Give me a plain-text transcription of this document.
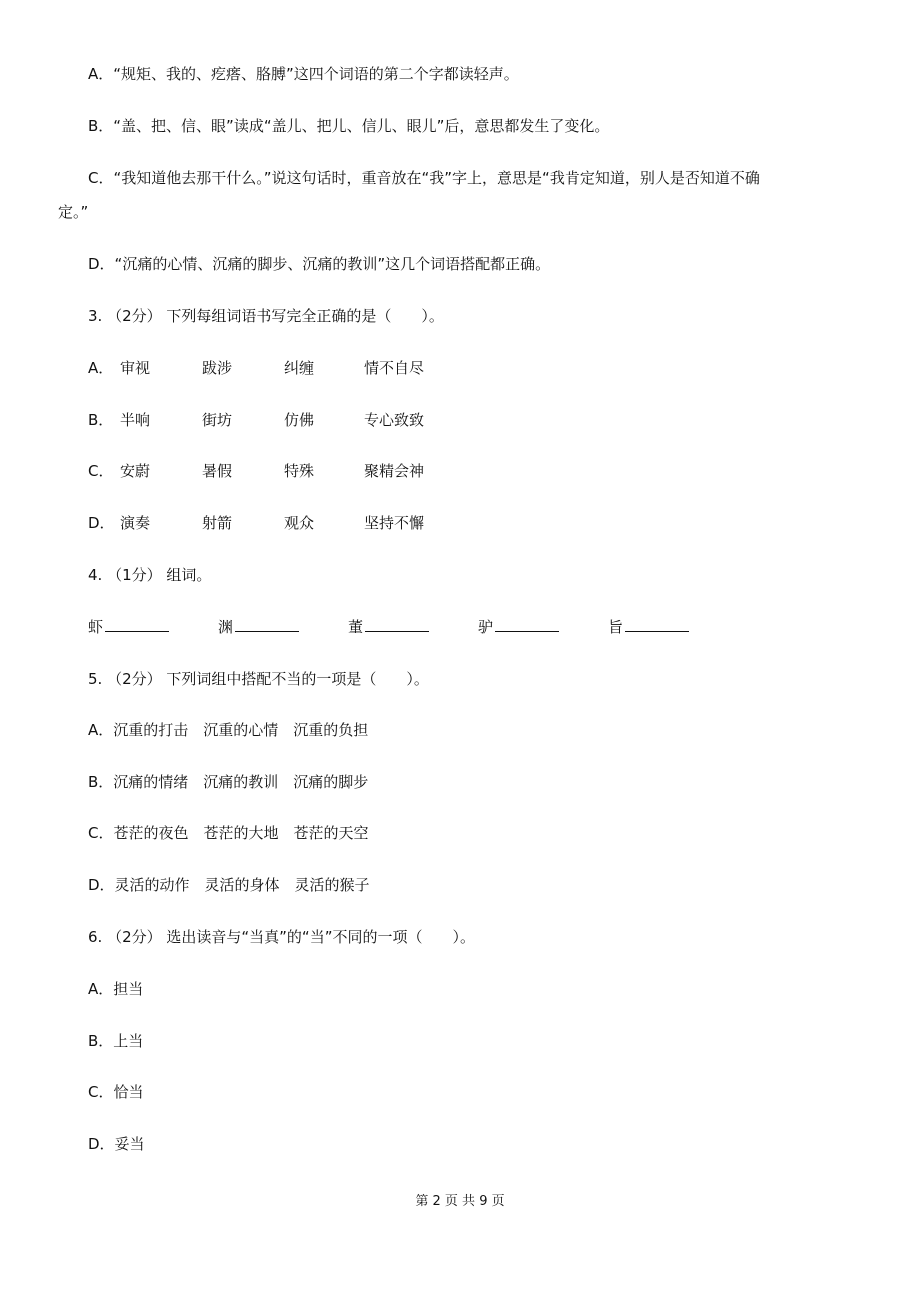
A．“规矩、我的、疙瘩、胳膊”这四个词语的第二个字都读轻声。
B．“盖、把、信、眼”读成“盖儿、把儿、信儿、眼儿”后，意思都发生了变化。
C．“我知道他去那干什么。”说这句话时，重音放在“我”字上，意思是“我肯定知道，别人是否知道不确
定。”
D．“沉痛的心情、沉痛的脚步、沉痛的教训”这几个词语搭配都正确。
3. （2分） 下列每组词语书写完全正确的是（　　）。
A． 审视	跋涉	纠缠	情不自尽
B． 半响	街坊	仿佛	专心致致
C． 安蔚	暑假	特殊	聚精会神
D． 演奏	射箭	观众	坚持不懈
4. （1分） 组词。
虾	渊	董	驴	旨
5. （2分） 下列词组中搭配不当的一项是（　　）。
A．沉重的打击　沉重的心情　沉重的负担
B．沉痛的情绪　沉痛的教训　沉痛的脚步
C．苍茫的夜色　苍茫的大地　苍茫的天空
D．灵活的动作　灵活的身体　灵活的猴子
6. （2分） 选出读音与“当真”的“当”不同的一项（　　）。
A．担当
B．上当
C．恰当
D．妥当
第 2 页 共 9 页
